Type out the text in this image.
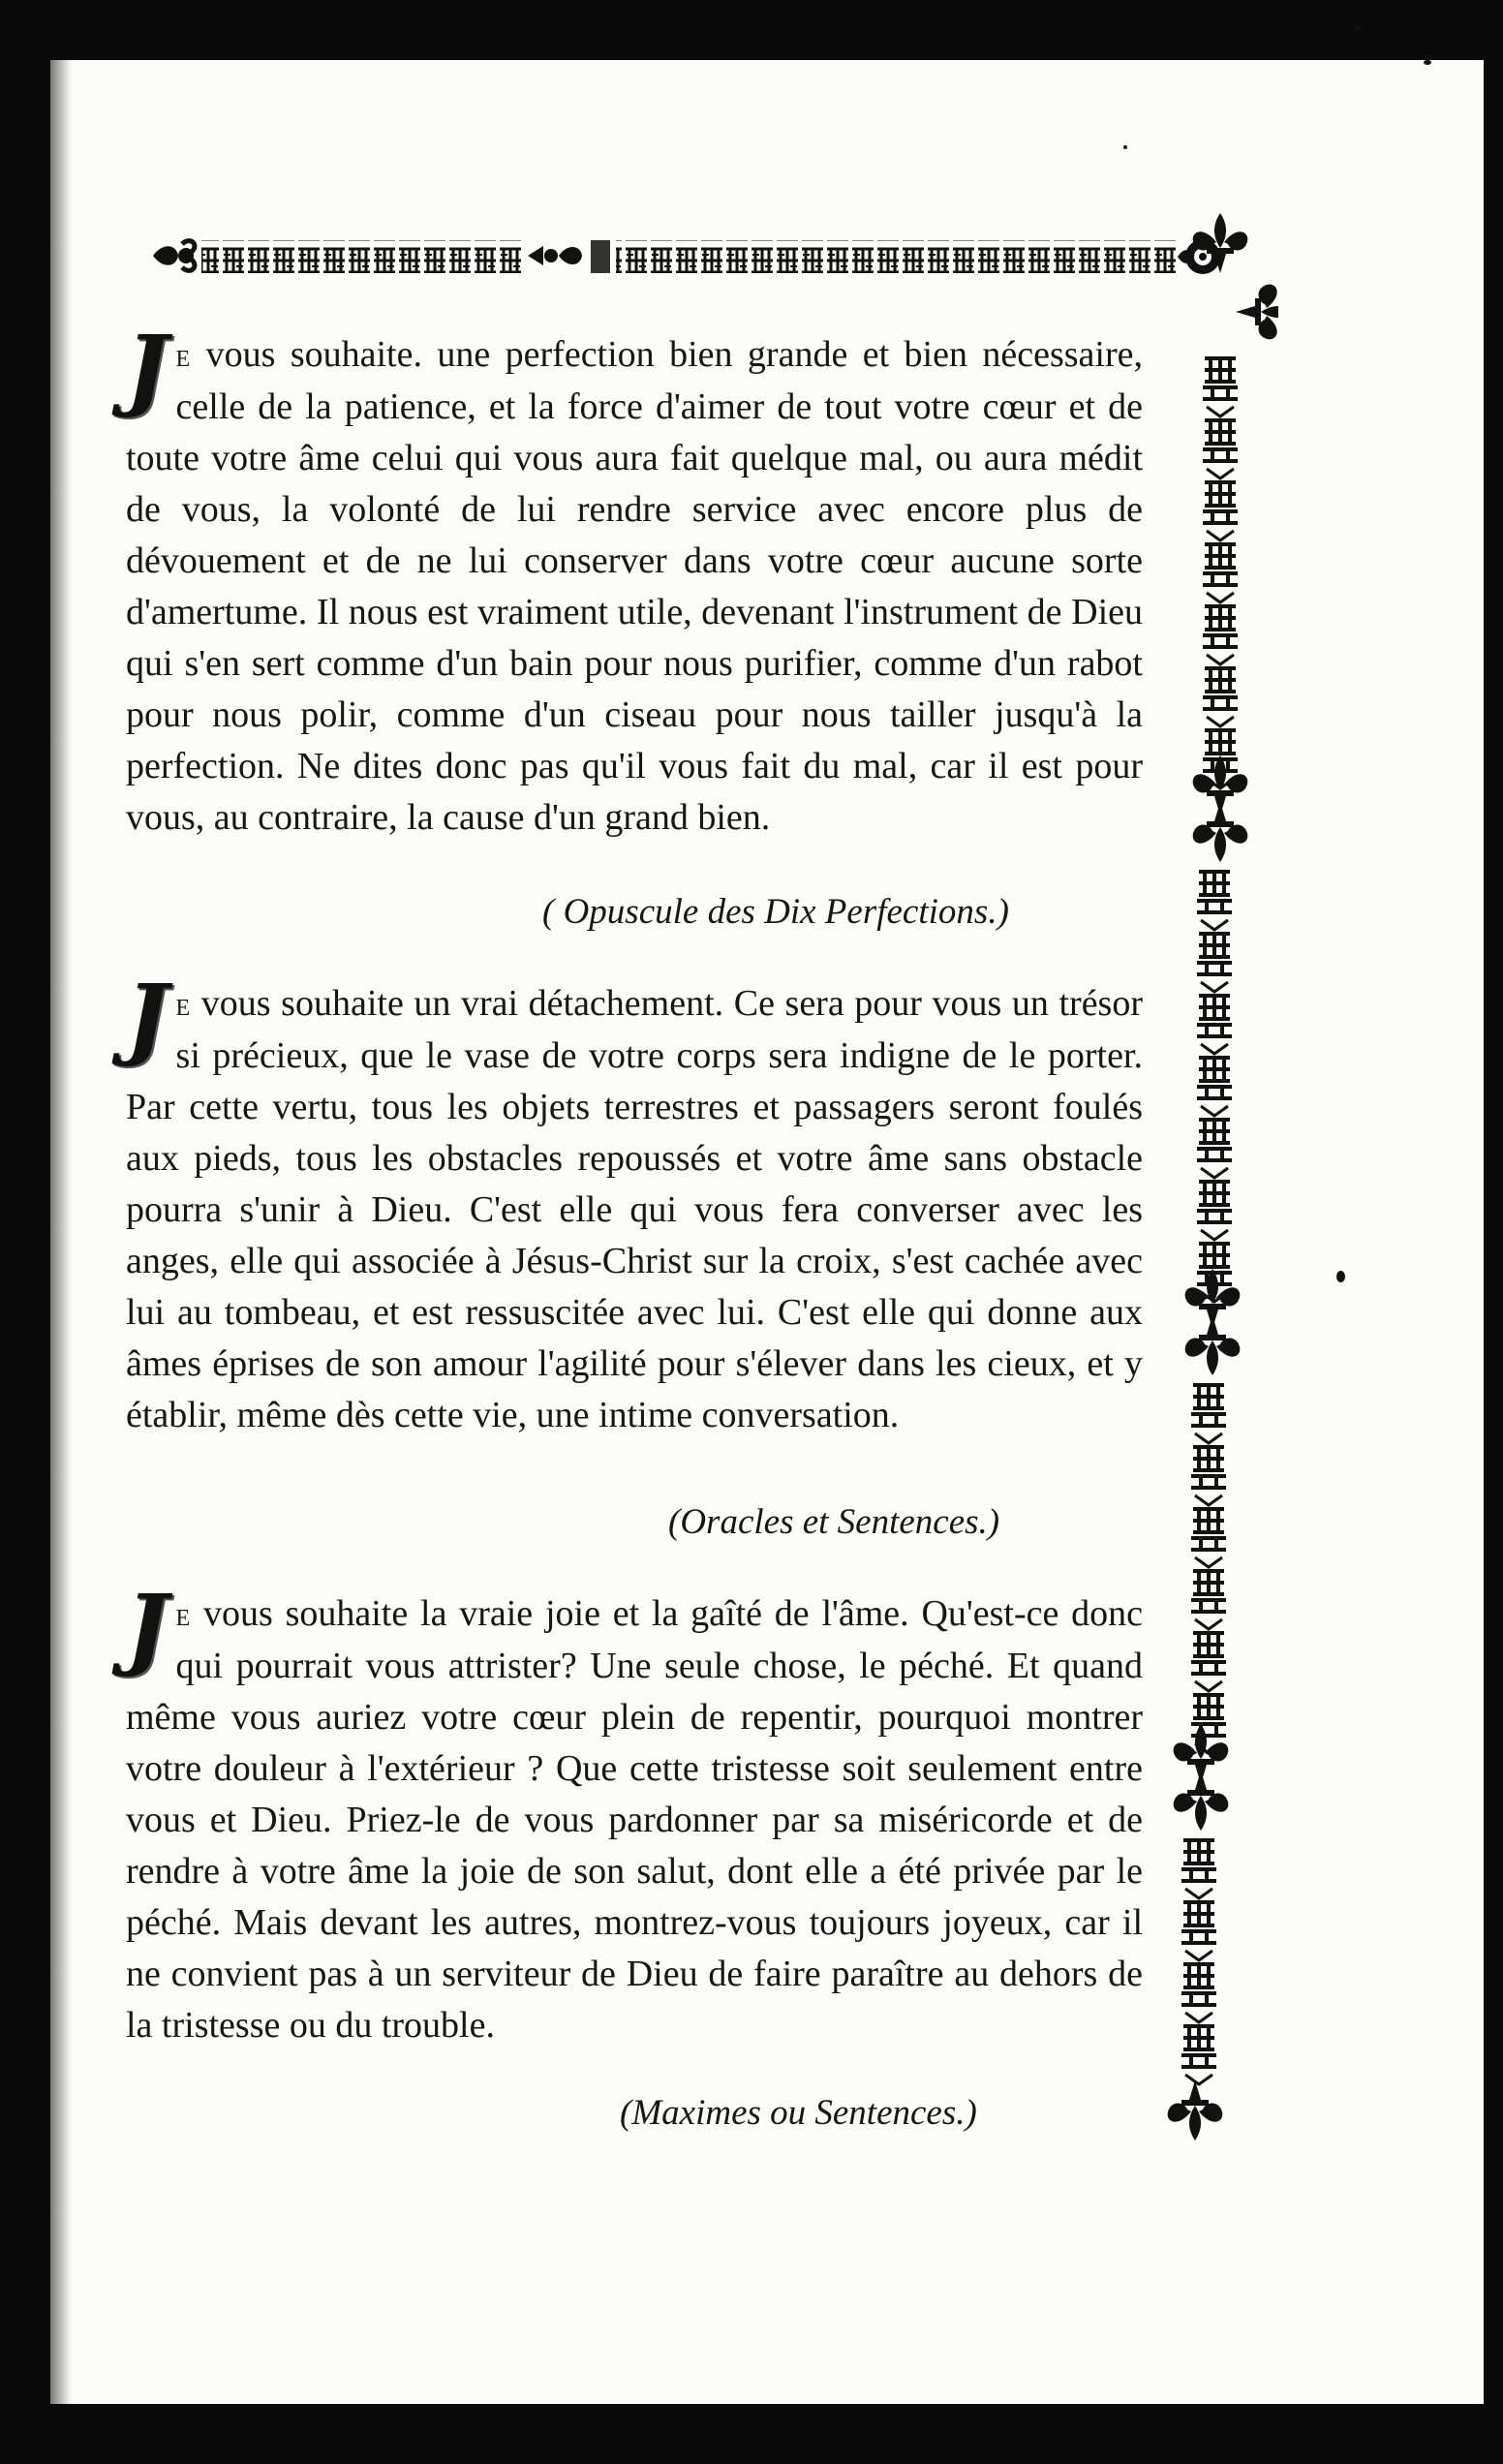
Je vous souhaite. une perfection bien grande et bien nécessaire, celle de la patience, et la force d'aimer de tout votre cœur et de toute votre âme celui qui vous aura fait quelque mal, ou aura médit de vous, la volonté de lui rendre service avec encore plus de dévouement et de ne lui conserver dans votre cœur aucune sorte d'amertume. Il nous est vraiment utile, devenant l'instrument de Dieu qui s'en sert comme d'un bain pour nous purifier, comme d'un rabot pour nous polir, comme d'un ciseau pour nous tailler jusqu'à la perfection. Ne dites donc pas qu'il vous fait du mal, car il est pour vous, au contraire, la cause d'un grand bien.
( Opuscule des Dix Perfections.)
Je vous souhaite un vrai détachement. Ce sera pour vous un trésor si précieux, que le vase de votre corps sera indigne de le porter. Par cette vertu, tous les objets terrestres et passagers seront foulés aux pieds, tous les obstacles repoussés et votre âme sans obstacle pourra s'unir à Dieu. C'est elle qui vous fera converser avec les anges, elle qui associée à Jésus-Christ sur la croix, s'est cachée avec lui au tombeau, et est ressuscitée avec lui. C'est elle qui donne aux âmes éprises de son amour l'agilité pour s'élever dans les cieux, et y établir, même dès cette vie, une intime conversation.
(Oracles et Sentences.)
Je vous souhaite la vraie joie et la gaîté de l'âme. Qu'est-ce donc qui pourrait vous attrister? Une seule chose, le péché. Et quand même vous auriez votre cœur plein de repentir, pourquoi montrer votre douleur à l'extérieur ? Que cette tristesse soit seulement entre vous et Dieu. Priez-le de vous pardonner par sa miséricorde et de rendre à votre âme la joie de son salut, dont elle a été privée par le péché. Mais devant les autres, montrez-vous toujours joyeux, car il ne convient pas à un serviteur de Dieu de faire paraître au dehors de la tristesse ou du trouble.
(Maximes ou Sentences.)
